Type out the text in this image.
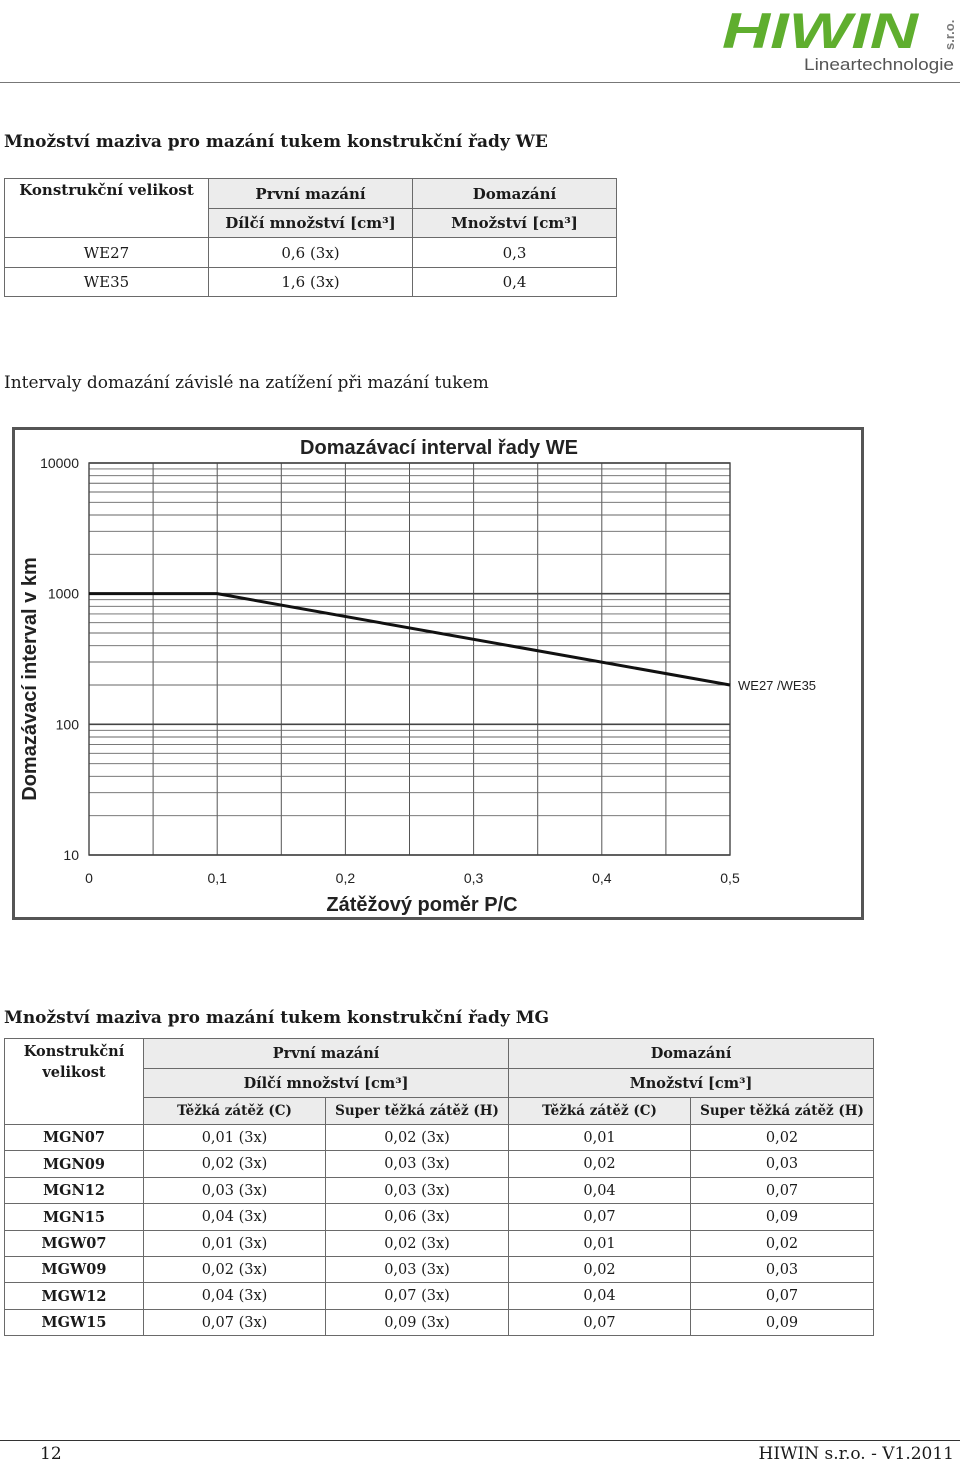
HIWIN s.r.o.
Lineartechnologie
Množství maziva pro mazání tukem konstrukční řady WE
Konstrukční velikost	První mazání	Domazání
	Dílčí množství [cm³]	Množství [cm³]
WE27	0,6 (3x)	0,3
WE35	1,6 (3x)	0,4
Intervaly domazání závislé na zatížení při mazání tukem
10
100
1000
10000
0	0,1	0,2	0,3	0,4	0,5
WE27 /WE35
Domazávací interval řady WE
Zátěžový poměr P/C
Domazávací interval v km
Množství maziva pro mazání tukem konstrukční řady MG
Konstrukční velikost	První mazání		Domazání	
	Dílčí množství [cm³]		Množství [cm³]	
	Těžká zátěž (C)	Super těžká zátěž (H)	Těžká zátěž (C)	Super těžká zátěž (H)
MGN07	0,01 (3x)	0,02 (3x)	0,01	0,02
MGN09	0,02 (3x)	0,03 (3x)	0,02	0,03
MGN12	0,03 (3x)	0,03 (3x)	0,04	0,07
MGN15	0,04 (3x)	0,06 (3x)	0,07	0,09
MGW07	0,01 (3x)	0,02 (3x)	0,01	0,02
MGW09	0,02 (3x)	0,03 (3x)	0,02	0,03
MGW12	0,04 (3x)	0,07 (3x)	0,04	0,07
MGW15	0,07 (3x)	0,09 (3x)	0,07	0,09
12	HIWIN s.r.o. - V1.2011
